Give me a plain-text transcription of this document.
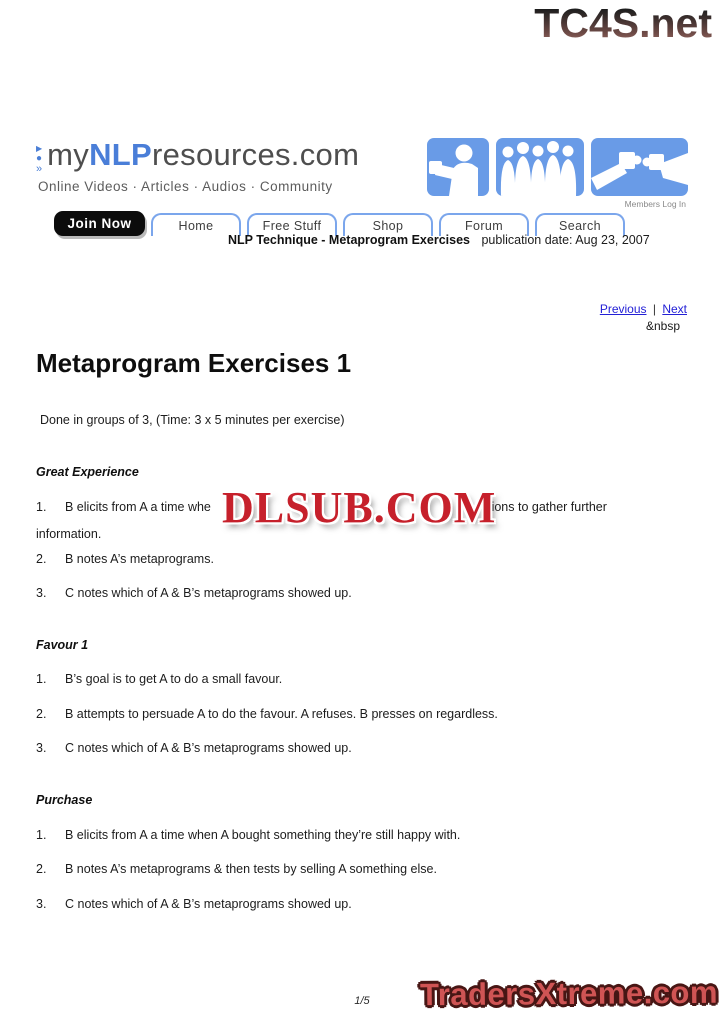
TC4S.net
▶
●
» myNLPresources.com
Online Videos · Articles · Audios · Community
Members Log In
Join Now	Home	Free Stuff	Shop	Forum	Search
NLP Technique - Metaprogram Exercises publication date: Aug 23, 2007
Previous | Next
&nbsp
Metaprogram Exercises 1
Done in groups of 3, (Time: 3 x 5 minutes per exercise)
Great Experience
1. B elicits from A a time whe	estions to gather further
information.
2. B notes A’s metaprograms.
3. C notes which of A & B’s metaprograms showed up.
Favour 1
1. B’s goal is to get A to do a small favour.
2. B attempts to persuade A to do the favour. A refuses. B presses on regardless.
3. C notes which of A & B’s metaprograms showed up.
Purchase
1. B elicits from A a time when A bought something they’re still happy with.
2. B notes A’s metaprograms & then tests by selling A something else.
3. C notes which of A & B’s metaprograms showed up.
DLSUB.COM
1/5	TradersXtreme.com
